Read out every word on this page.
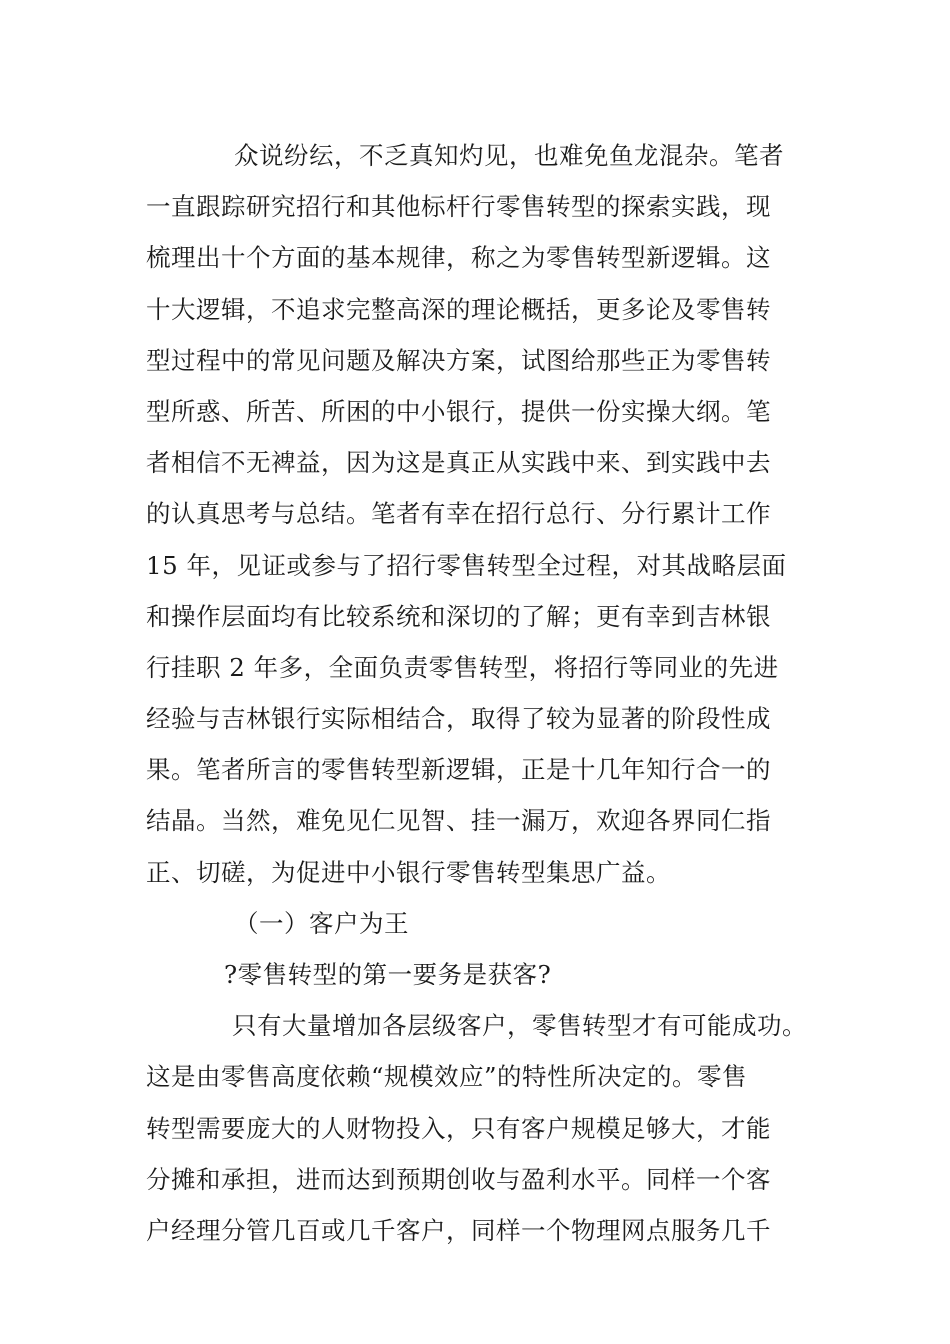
众说纷纭，不乏真知灼见，也难免鱼龙混杂。笔者
一直跟踪研究招行和其他标杆行零售转型的探索实践，现
梳理出十个方面的基本规律，称之为零售转型新逻辑。这
十大逻辑，不追求完整高深的理论概括，更多论及零售转
型过程中的常见问题及解决方案，试图给那些正为零售转
型所惑、所苦、所困的中小银行，提供一份实操大纲。笔
者相信不无裨益，因为这是真正从实践中来、到实践中去
的认真思考与总结。笔者有幸在招行总行、分行累计工作
15 年，见证或参与了招行零售转型全过程，对其战略层面
和操作层面均有比较系统和深切的了解；更有幸到吉林银
行挂职 2 年多，全面负责零售转型，将招行等同业的先进
经验与吉林银行实际相结合，取得了较为显著的阶段性成
果。笔者所言的零售转型新逻辑，正是十几年知行合一的
结晶。当然，难免见仁见智、挂一漏万，欢迎各界同仁指
正、切磋，为促进中小银行零售转型集思广益。
（一）客户为王
?零售转型的第一要务是获客?
只有大量增加各层级客户，零售转型才有可能成功。
这是由零售高度依赖“规模效应”的特性所决定的。零售
转型需要庞大的人财物投入，只有客户规模足够大，才能
分摊和承担，进而达到预期创收与盈利水平。同样一个客
户经理分管几百或几千客户，同样一个物理网点服务几千
